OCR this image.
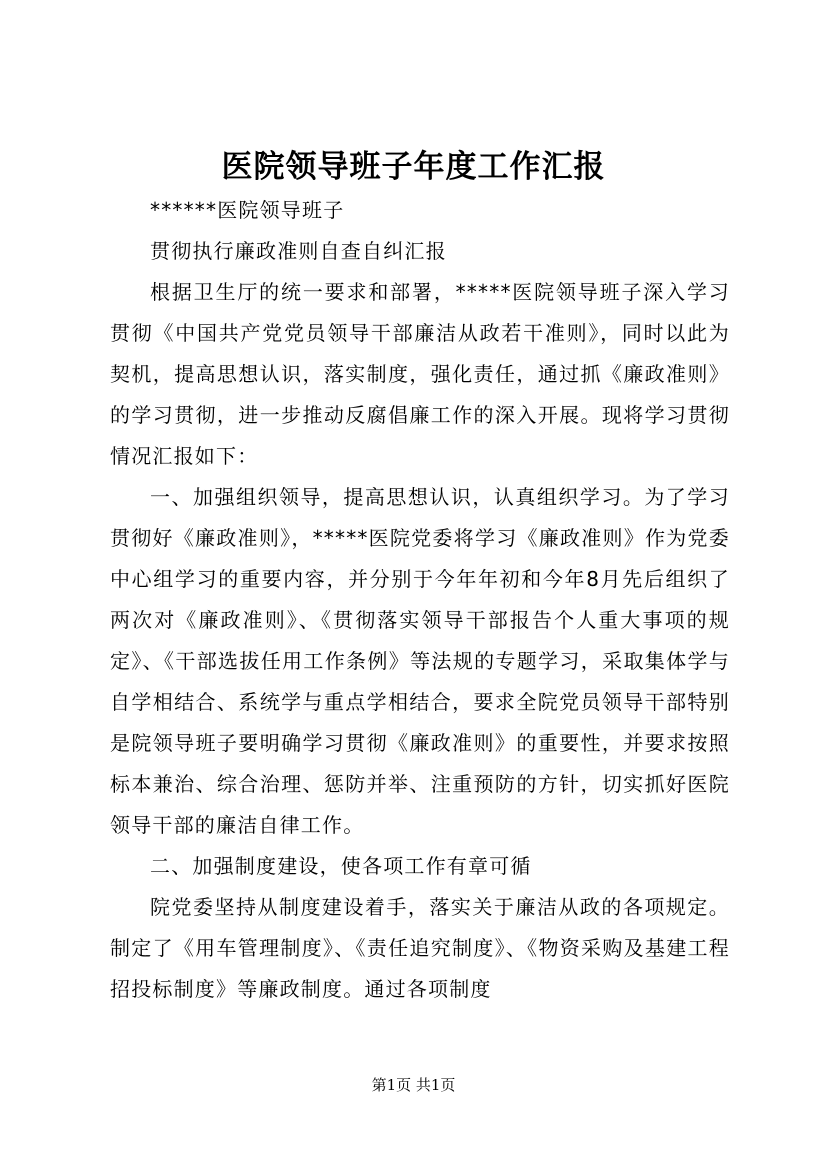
医院领导班子年度工作汇报

******医院领导班子

贯彻执行廉政准则自查自纠汇报

根据卫生厅的统一要求和部署，*****医院领导班子深入学习贯彻《中国共产党党员领导干部廉洁从政若干准则》，同时以此为契机，提高思想认识，落实制度，强化责任，通过抓《廉政准则》的学习贯彻，进一步推动反腐倡廉工作的深入开展。现将学习贯彻情况汇报如下：

一、加强组织领导，提高思想认识，认真组织学习。为了学习贯彻好《廉政准则》，*****医院党委将学习《廉政准则》作为党委中心组学习的重要内容，并分别于今年年初和今年8月先后组织了两次对《廉政准则》、《贯彻落实领导干部报告个人重大事项的规定》、《干部选拔任用工作条例》等法规的专题学习，采取集体学与自学相结合、系统学与重点学相结合，要求全院党员领导干部特别是院领导班子要明确学习贯彻《廉政准则》的重要性，并要求按照标本兼治、综合治理、惩防并举、注重预防的方针，切实抓好医院领导干部的廉洁自律工作。

二、加强制度建设，使各项工作有章可循

院党委坚持从制度建设着手，落实关于廉洁从政的各项规定。制定了《用车管理制度》、《责任追究制度》、《物资采购及基建工程招投标制度》等廉政制度。通过各项制度

第1页 共1页
